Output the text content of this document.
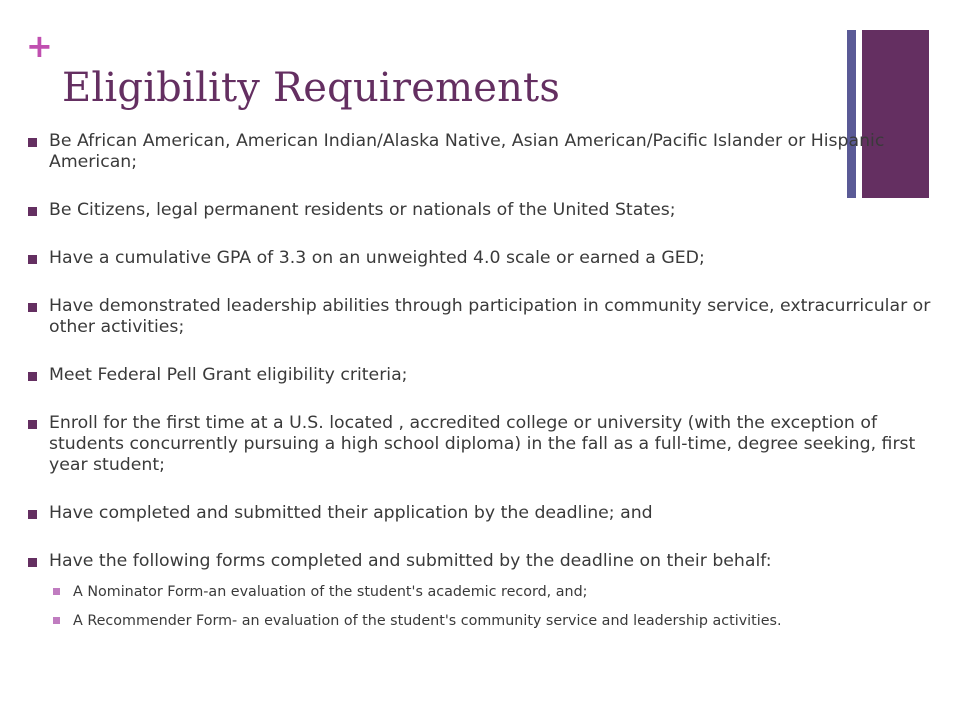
+
Eligibility Requirements
Be African American, American Indian/Alaska Native, Asian American/Pacific Islander or Hispanic American;
Be Citizens, legal permanent residents or nationals of the United States;
Have a cumulative GPA of 3.3 on an unweighted 4.0 scale or earned a GED;
Have demonstrated leadership abilities through participation in community service, extracurricular or other activities;
Meet Federal Pell Grant eligibility criteria;
Enroll for the first time at a U.S. located , accredited college or university (with the exception of students concurrently pursuing a high school diploma) in the fall as a full-time, degree seeking, first year student;
Have completed and submitted their application by the deadline; and
Have the following forms completed and submitted by the deadline on their behalf:
A Nominator Form-an evaluation of the student's academic record, and;
A Recommender Form- an evaluation of the student's community service and leadership activities.
